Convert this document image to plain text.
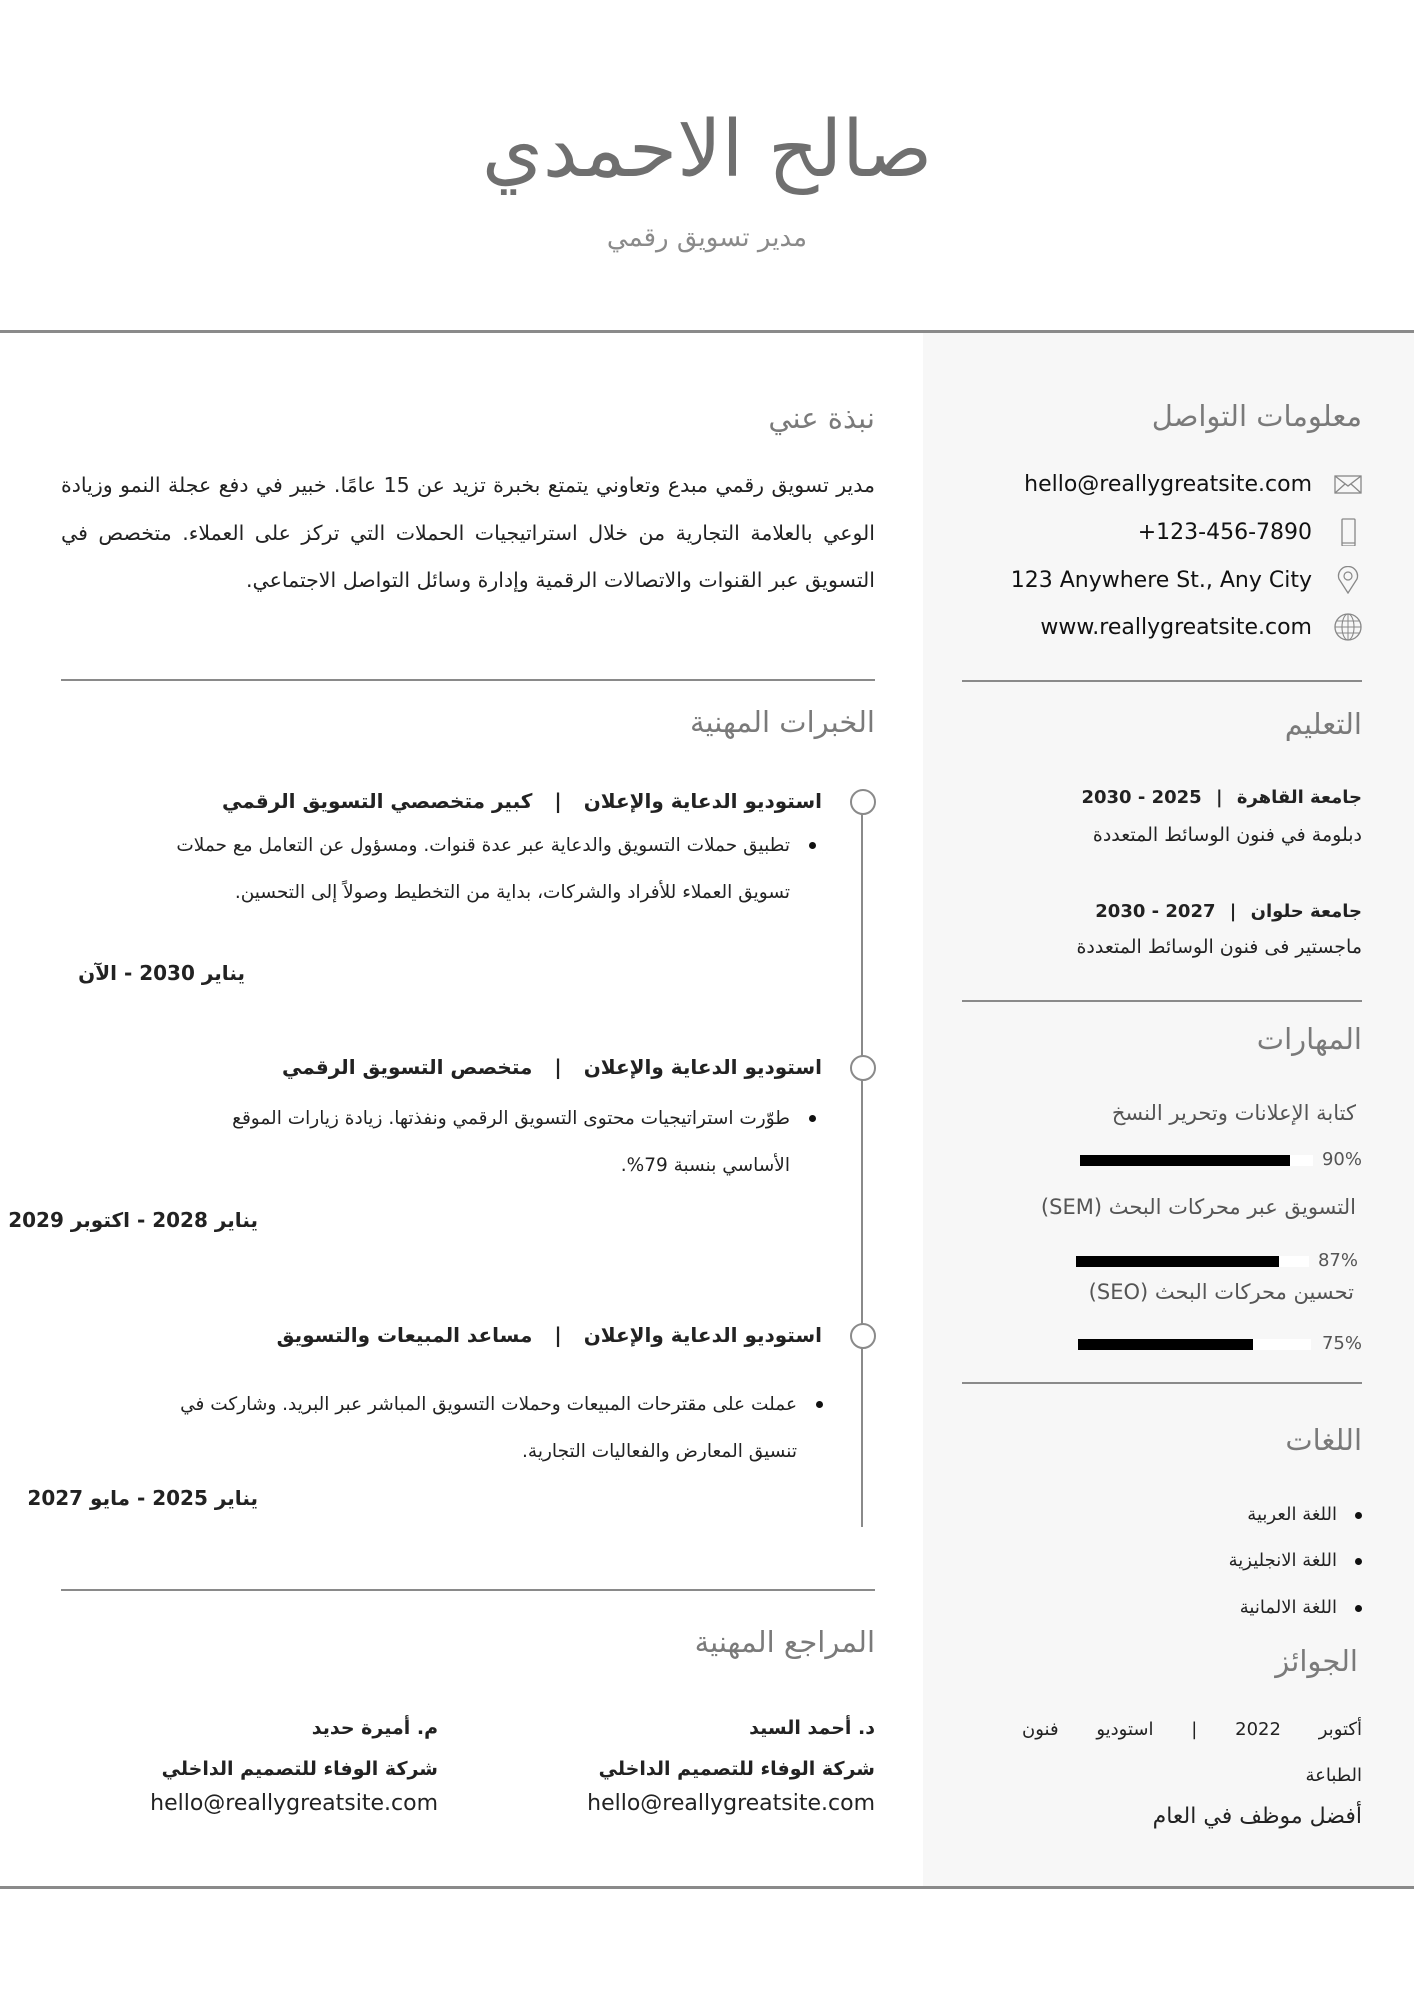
صالح الاحمدي
مدير تسويق رقمي
معلومات التواصل
hello@reallygreatsite.com
+123-456-7890
123 Anywhere St., Any City
www.reallygreatsite.com
التعليم
جامعة القاهرة | 2025 - 2030
دبلومة في فنون الوسائط المتعددة
جامعة حلوان | 2027 - 2030
ماجستير فى فنون الوسائط المتعددة
المهارات
كتابة الإعلانات وتحرير النسخ
90%
التسويق عبر محركات البحث (SEM)
87%
تحسين محركات البحث (SEO)
75%
اللغات
اللغة العربية
اللغة الانجليزية
اللغة الالمانية
الجوائز
أكتوبر 2022 | استوديو فنون الطباعة
أفضل موظف في العام
نبذة عني
مدير تسويق رقمي مبدع وتعاوني يتمتع بخبرة تزيد عن 15 عامًا. خبير في دفع عجلة النمو وزيادة الوعي بالعلامة التجارية من خلال استراتيجيات الحملات التي تركز على العملاء. متخصص في التسويق عبر القنوات والاتصالات الرقمية وإدارة وسائل التواصل الاجتماعي.
الخبرات المهنية
استوديو الدعاية والإعلان
|
كبير متخصصي التسويق الرقمي
تطبيق حملات التسويق والدعاية عبر عدة قنوات. ومسؤول عن التعامل مع حملات تسويق العملاء للأفراد والشركات، بداية من التخطيط وصولاً إلى التحسين.
يناير 2030 - الآن
استوديو الدعاية والإعلان
|
متخصص التسويق الرقمي
طوّرت استراتيجيات محتوى التسويق الرقمي ونفذتها. زيادة زيارات الموقع الأساسي بنسبة 79%.
يناير 2028 - اكتوبر 2029
استوديو الدعاية والإعلان
|
مساعد المبيعات والتسويق
عملت على مقترحات المبيعات وحملات التسويق المباشر عبر البريد. وشاركت في تنسيق المعارض والفعاليات التجارية.
يناير 2025 - مايو 2027
المراجع المهنية
د. أحمد السيد
شركة الوفاء للتصميم الداخلي
hello@reallygreatsite.com
م. أميرة حديد
شركة الوفاء للتصميم الداخلي
hello@reallygreatsite.com
